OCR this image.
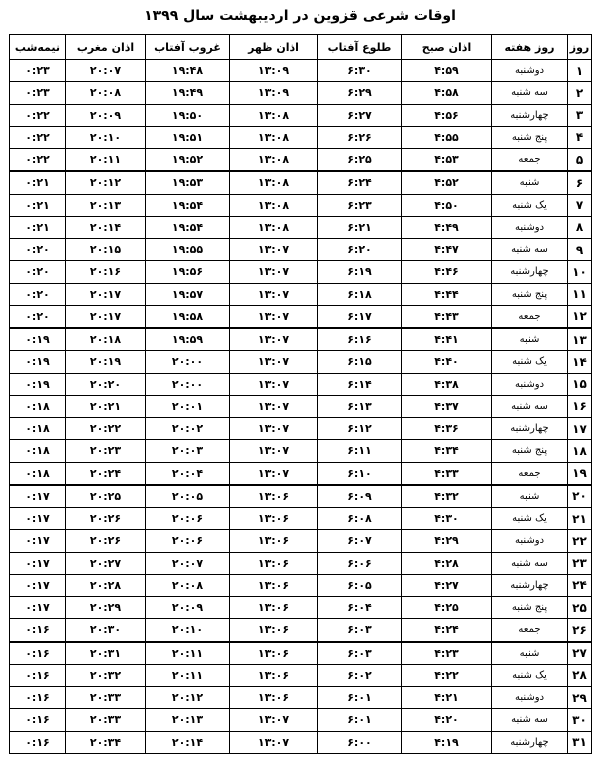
اوقات شرعی قزوین در اردیبهشت سال ۱۳۹۹
روز	روز هفته	اذان صبح	طلوع آفتاب	اذان ظهر	غروب آفتاب	اذان مغرب	نیمه‌شب
۱	دوشنبه	۴:۵۹	۶:۳۰	۱۳:۰۹	۱۹:۴۸	۲۰:۰۷	۰:۲۳
۲	سه شنبه	۴:۵۸	۶:۲۹	۱۳:۰۹	۱۹:۴۹	۲۰:۰۸	۰:۲۳
۳	چهارشنبه	۴:۵۶	۶:۲۷	۱۳:۰۸	۱۹:۵۰	۲۰:۰۹	۰:۲۲
۴	پنج شنبه	۴:۵۵	۶:۲۶	۱۳:۰۸	۱۹:۵۱	۲۰:۱۰	۰:۲۲
۵	جمعه	۴:۵۳	۶:۲۵	۱۳:۰۸	۱۹:۵۲	۲۰:۱۱	۰:۲۲
۶	شنبه	۴:۵۲	۶:۲۴	۱۳:۰۸	۱۹:۵۳	۲۰:۱۲	۰:۲۱
۷	یک شنبه	۴:۵۰	۶:۲۳	۱۳:۰۸	۱۹:۵۴	۲۰:۱۳	۰:۲۱
۸	دوشنبه	۴:۴۹	۶:۲۱	۱۳:۰۸	۱۹:۵۴	۲۰:۱۴	۰:۲۱
۹	سه شنبه	۴:۴۷	۶:۲۰	۱۳:۰۷	۱۹:۵۵	۲۰:۱۵	۰:۲۰
۱۰	چهارشنبه	۴:۴۶	۶:۱۹	۱۳:۰۷	۱۹:۵۶	۲۰:۱۶	۰:۲۰
۱۱	پنج شنبه	۴:۴۴	۶:۱۸	۱۳:۰۷	۱۹:۵۷	۲۰:۱۷	۰:۲۰
۱۲	جمعه	۴:۴۳	۶:۱۷	۱۳:۰۷	۱۹:۵۸	۲۰:۱۷	۰:۲۰
۱۳	شنبه	۴:۴۱	۶:۱۶	۱۳:۰۷	۱۹:۵۹	۲۰:۱۸	۰:۱۹
۱۴	یک شنبه	۴:۴۰	۶:۱۵	۱۳:۰۷	۲۰:۰۰	۲۰:۱۹	۰:۱۹
۱۵	دوشنبه	۴:۳۸	۶:۱۴	۱۳:۰۷	۲۰:۰۰	۲۰:۲۰	۰:۱۹
۱۶	سه شنبه	۴:۳۷	۶:۱۳	۱۳:۰۷	۲۰:۰۱	۲۰:۲۱	۰:۱۸
۱۷	چهارشنبه	۴:۳۶	۶:۱۲	۱۳:۰۷	۲۰:۰۲	۲۰:۲۲	۰:۱۸
۱۸	پنج شنبه	۴:۳۴	۶:۱۱	۱۳:۰۷	۲۰:۰۳	۲۰:۲۳	۰:۱۸
۱۹	جمعه	۴:۳۳	۶:۱۰	۱۳:۰۷	۲۰:۰۴	۲۰:۲۴	۰:۱۸
۲۰	شنبه	۴:۳۲	۶:۰۹	۱۳:۰۶	۲۰:۰۵	۲۰:۲۵	۰:۱۷
۲۱	یک شنبه	۴:۳۰	۶:۰۸	۱۳:۰۶	۲۰:۰۶	۲۰:۲۶	۰:۱۷
۲۲	دوشنبه	۴:۲۹	۶:۰۷	۱۳:۰۶	۲۰:۰۶	۲۰:۲۶	۰:۱۷
۲۳	سه شنبه	۴:۲۸	۶:۰۶	۱۳:۰۶	۲۰:۰۷	۲۰:۲۷	۰:۱۷
۲۴	چهارشنبه	۴:۲۷	۶:۰۵	۱۳:۰۶	۲۰:۰۸	۲۰:۲۸	۰:۱۷
۲۵	پنج شنبه	۴:۲۵	۶:۰۴	۱۳:۰۶	۲۰:۰۹	۲۰:۲۹	۰:۱۷
۲۶	جمعه	۴:۲۴	۶:۰۳	۱۳:۰۶	۲۰:۱۰	۲۰:۳۰	۰:۱۶
۲۷	شنبه	۴:۲۳	۶:۰۳	۱۳:۰۶	۲۰:۱۱	۲۰:۳۱	۰:۱۶
۲۸	یک شنبه	۴:۲۲	۶:۰۲	۱۳:۰۶	۲۰:۱۱	۲۰:۳۲	۰:۱۶
۲۹	دوشنبه	۴:۲۱	۶:۰۱	۱۳:۰۶	۲۰:۱۲	۲۰:۳۳	۰:۱۶
۳۰	سه شنبه	۴:۲۰	۶:۰۱	۱۳:۰۷	۲۰:۱۳	۲۰:۳۳	۰:۱۶
۳۱	چهارشنبه	۴:۱۹	۶:۰۰	۱۳:۰۷	۲۰:۱۴	۲۰:۳۴	۰:۱۶
